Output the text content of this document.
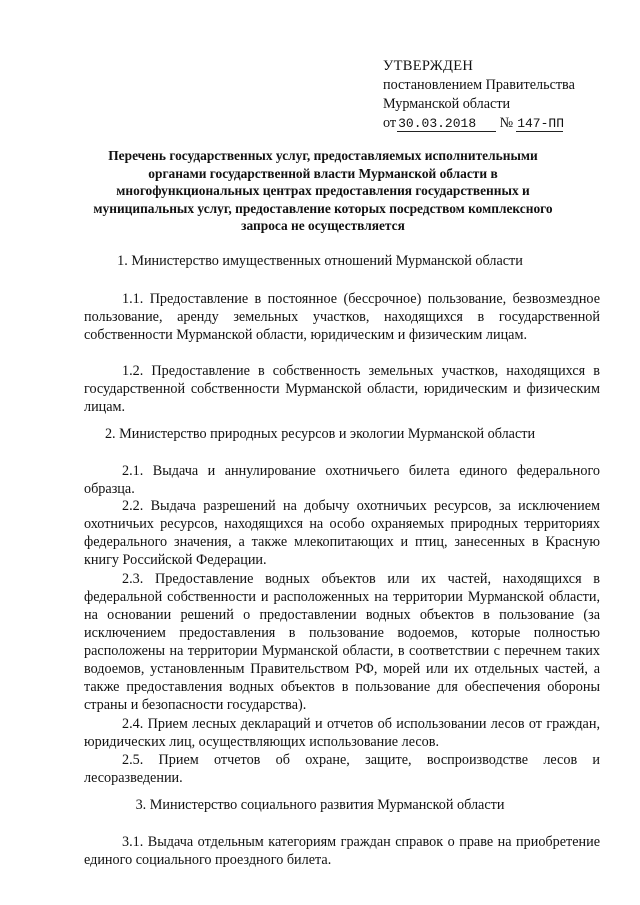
УТВЕРЖДЕН
постановлением Правительства
Мурманской области
от 30.03.2018 № 147-ПП
Перечень государственных услуг, предоставляемых исполнительными органами государственной власти Мурманской области в многофункциональных центрах предоставления государственных и муниципальных услуг, предоставление которых посредством комплексного запроса не осуществляется
1. Министерство имущественных отношений Мурманской области
1.1. Предоставление в постоянное (бессрочное) пользование, безвозмездное пользование, аренду земельных участков, находящихся в государственной собственности Мурманской области, юридическим и физическим лицам.
1.2. Предоставление в собственность земельных участков, находящихся в государственной собственности Мурманской области, юридическим и физическим лицам.
2. Министерство природных ресурсов и экологии Мурманской области
2.1. Выдача и аннулирование охотничьего билета единого федерального образца.
2.2. Выдача разрешений на добычу охотничьих ресурсов, за исключением охотничьих ресурсов, находящихся на особо охраняемых природных территориях федерального значения, а также млекопитающих и птиц, занесенных в Красную книгу Российской Федерации.
2.3. Предоставление водных объектов или их частей, находящихся в федеральной собственности и расположенных на территории Мурманской области, на основании решений о предоставлении водных объектов в пользование (за исключением предоставления в пользование водоемов, которые полностью расположены на территории Мурманской области, в соответствии с перечнем таких водоемов, установленным Правительством РФ, морей или их отдельных частей, а также предоставления водных объектов в пользование для обеспечения обороны страны и безопасности государства).
2.4. Прием лесных деклараций и отчетов об использовании лесов от граждан, юридических лиц, осуществляющих использование лесов.
2.5. Прием отчетов об охране, защите, воспроизводстве лесов и лесоразведении.
3. Министерство социального развития Мурманской области
3.1. Выдача отдельным категориям граждан справок о праве на приобретение единого социального проездного билета.
